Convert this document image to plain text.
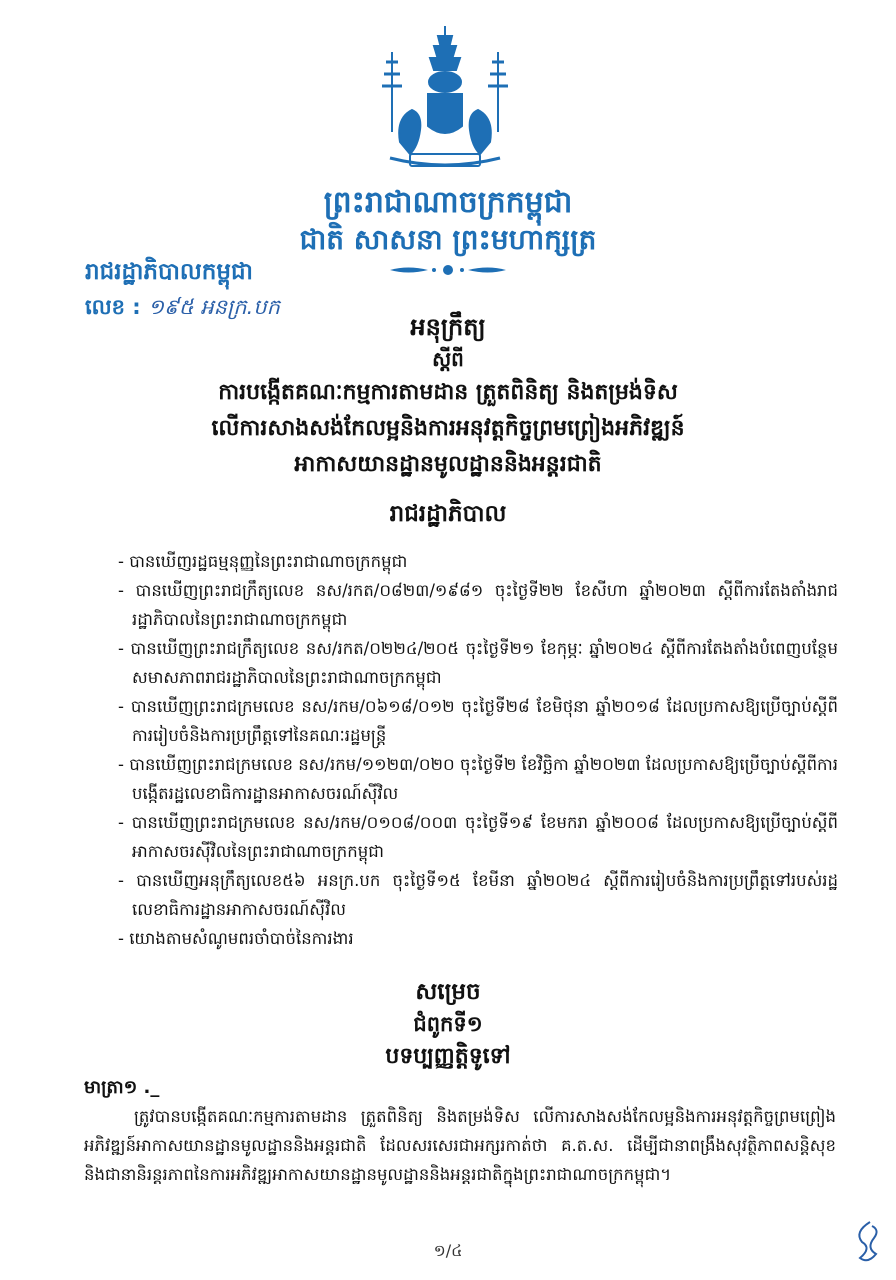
ព្រះរាជាណាចក្រកម្ពុជា
ជាតិ សាសនា ព្រះមហាក្សត្រ
រាជរដ្ឋាភិបាលកម្ពុជា
លេខ : ១៩៥ អនក្រ.បក
អនុក្រឹត្យ
ស្តីពី
ការបង្កើតគណៈកម្មការតាមដាន ត្រួតពិនិត្យ និងតម្រង់ទិស
លើការសាងសង់កែលម្អនិងការអនុវត្តកិច្ចព្រមព្រៀងអភិវឌ្ឍន៍
អាកាសយានដ្ឋានមូលដ្ឋាននិងអន្តរជាតិ
រាជរដ្ឋាភិបាល
- បានឃើញរដ្ឋធម្មនុញ្ញនៃព្រះរាជាណាចក្រកម្ពុជា
- បានឃើញព្រះរាជក្រឹត្យលេខ នស/រកត/០៨២៣/១៩៨១ ចុះថ្ងៃទី២២ ខែសីហា ឆ្នាំ២០២៣ ស្តីពីការតែងតាំងរាជរដ្ឋាភិបាលនៃព្រះរាជាណាចក្រកម្ពុជា
- បានឃើញព្រះរាជក្រឹត្យលេខ នស/រកត/០២២៤/២០៥ ចុះថ្ងៃទី២១ ខែកុម្ភៈ ឆ្នាំ២០២៤ ស្តីពីការតែងតាំងបំពេញបន្ថែមសមាសភាពរាជរដ្ឋាភិបាលនៃព្រះរាជាណាចក្រកម្ពុជា
- បានឃើញព្រះរាជក្រមលេខ នស/រកម/០៦១៨/០១២ ចុះថ្ងៃទី២៨ ខែមិថុនា ឆ្នាំ២០១៨ ដែលប្រកាសឱ្យប្រើច្បាប់ស្តីពីការរៀបចំនិងការប្រព្រឹត្តទៅនៃគណៈរដ្ឋមន្ត្រី
- បានឃើញព្រះរាជក្រមលេខ នស/រកម/១១២៣/០២០ ចុះថ្ងៃទី២ ខែវិច្ឆិកា ឆ្នាំ២០២៣ ដែលប្រកាសឱ្យប្រើច្បាប់ស្តីពីការបង្កើតរដ្ឋលេខាធិការដ្ឋានអាកាសចរណ៍ស៊ីវិល
- បានឃើញព្រះរាជក្រមលេខ នស/រកម/០១០៨/០០៣ ចុះថ្ងៃទី១៩ ខែមករា ឆ្នាំ២០០៨ ដែលប្រកាសឱ្យប្រើច្បាប់ស្តីពីអាកាសចរស៊ីវិលនៃព្រះរាជាណាចក្រកម្ពុជា
- បានឃើញអនុក្រឹត្យលេខ៥៦ អនក្រ.បក ចុះថ្ងៃទី១៥ ខែមីនា ឆ្នាំ២០២៤ ស្តីពីការរៀបចំនិងការប្រព្រឹត្តទៅរបស់រដ្ឋលេខាធិការដ្ឋានអាកាសចរណ៍ស៊ីវិល
- យោងតាមសំណូមពរចាំបាច់នៃការងារ
សម្រេច
ជំពូកទី១
បទប្បញ្ញត្តិទូទៅ
មាត្រា១ ._

ត្រូវបានបង្កើតគណៈកម្មការតាមដាន ត្រួតពិនិត្យ និងតម្រង់ទិស លើការសាងសង់កែលម្អនិងការអនុវត្តកិច្ចព្រមព្រៀងអភិវឌ្ឍន៍អាកាសយានដ្ឋានមូលដ្ឋាននិងអន្តរជាតិ ដែលសរសេរជាអក្សរកាត់ថា គ.ត.ស. ដើម្បីជានាពង្រឹងសុវត្ថិភាពសន្តិសុខ និងជានានិរន្តរភាពនៃការអភិវឌ្ឍអាកាសយានដ្ឋានមូលដ្ឋាននិងអន្តរជាតិក្នុងព្រះរាជាណាចក្រកម្ពុជា។

១/៤
